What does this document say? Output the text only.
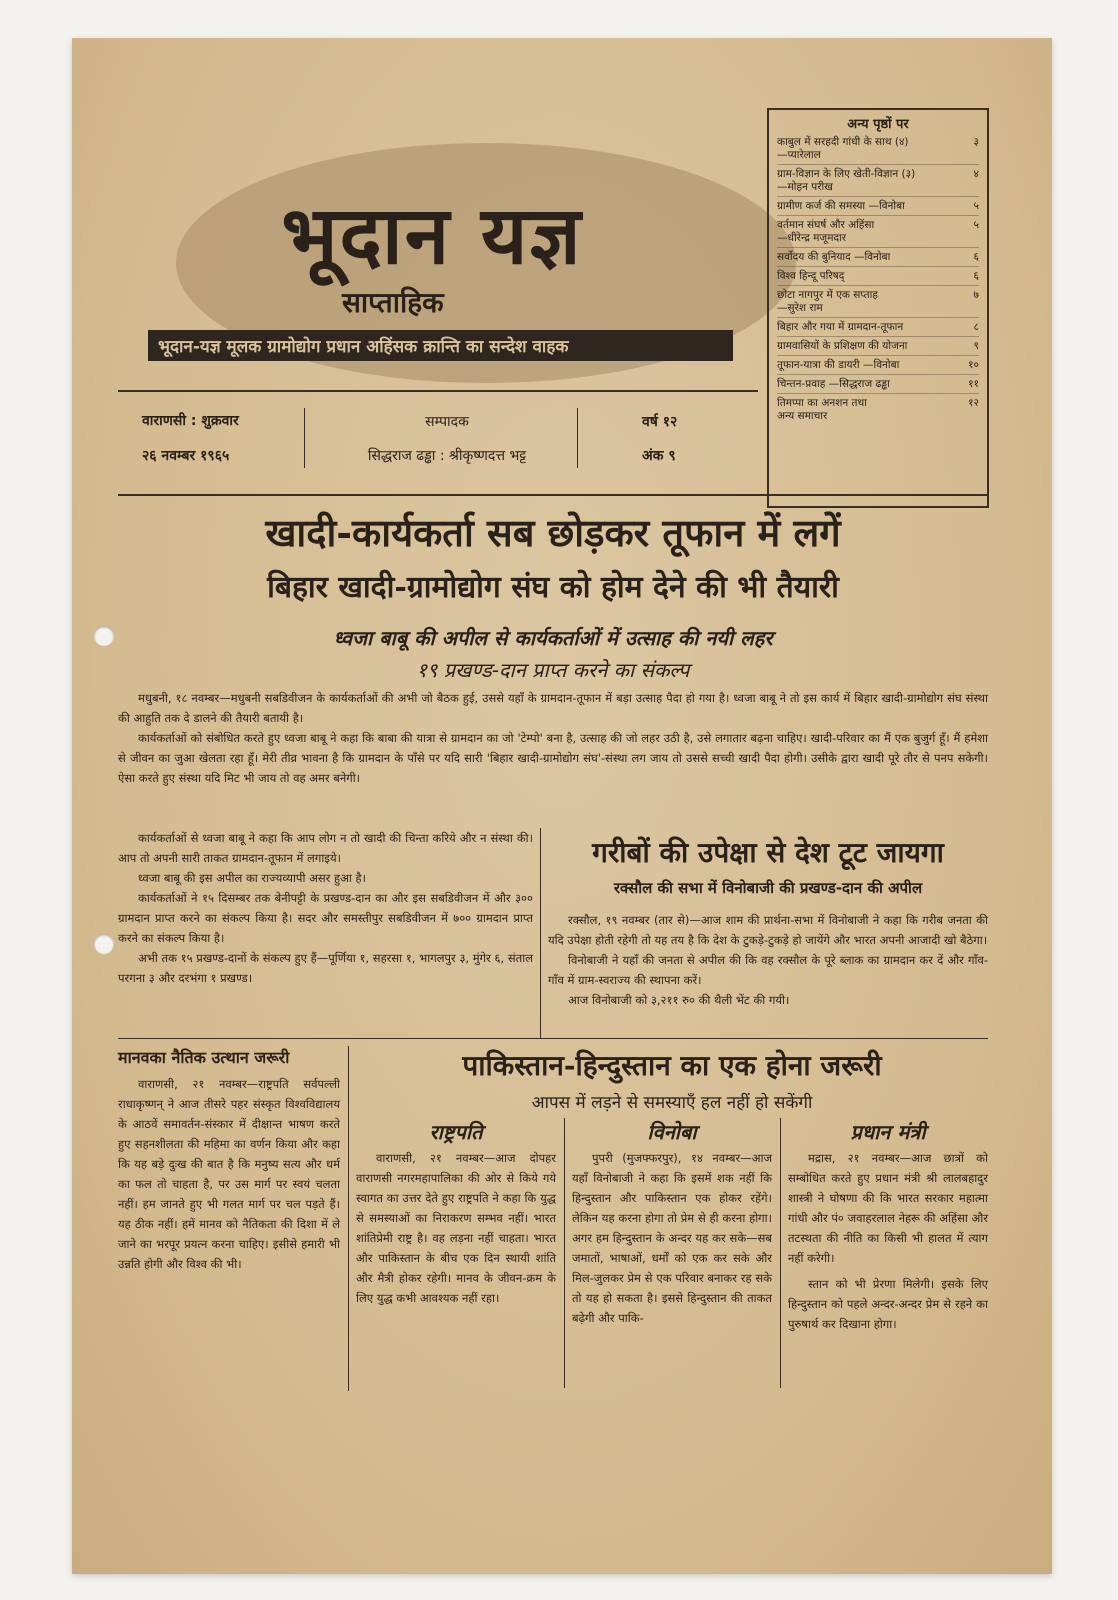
भूदान यज्ञ
साप्ताहिक
भूदान-यज्ञ मूलक ग्रामोद्योग प्रधान अहिंसक क्रान्ति का सन्देश वाहक
अन्य पृष्ठों पर
काबुल में सरहदी गांधी के साथ (४)
—प्यारेलाल
३
ग्राम-विज्ञान के लिए खेती-विज्ञान (३)
—मोहन परीख
४
ग्रामीण कर्ज की समस्या —विनोबा	५
वर्तमान संघर्ष और अहिंसा
—धीरेन्द्र मजूमदार
५
सर्वोदय की बुनियाद —विनोबा	६
विश्व हिन्दू परिषद्	६
छोटा नागपुर में एक सप्ताह
—सुरेश राम
७
बिहार और गया में ग्रामदान-तूफान	८
ग्रामवासियों के प्रशिक्षण की योजना	९
तूफान-यात्रा की डायरी —विनोबा	१०
चिन्तन-प्रवाह —सिद्धराज ढड्ढा	११
तिमप्पा का अनशन तथा
अन्य समाचार
१२
वाराणसी : शुक्रवार
२६ नवम्बर १९६५
सम्पादक
सिद्धराज ढड्ढा : श्रीकृष्णदत्त भट्ट
वर्ष १२
अंक ९
खादी-कार्यकर्ता सब छोड़कर तूफान में लगें
बिहार खादी-ग्रामोद्योग संघ को होम देने की भी तैयारी
ध्वजा बाबू की अपील से कार्यकर्ताओं में उत्साह की नयी लहर
१९ प्रखण्ड-दान प्राप्त करने का संकल्प

मधुबनी, १८ नवम्बर—मधुबनी सबडिवीजन के कार्यकर्ताओं की अभी जो बैठक हुई, उससे यहाँ के ग्रामदान-तूफान में बड़ा उत्साह पैदा हो गया है। ध्वजा बाबू ने तो इस कार्य में बिहार खादी-ग्रामोद्योग संघ संस्था की आहुति तक दे डालने की तैयारी बतायी है।

कार्यकर्ताओं को संबोधित करते हुए ध्वजा बाबू ने कहा कि बाबा की यात्रा से ग्रामदान का जो 'टेम्पो' बना है, उत्साह की जो लहर उठी है, उसे लगातार बढ़ना चाहिए। खादी-परिवार का मैं एक बुजुर्ग हूँ। मैं हमेशा से जीवन का जुआ खेलता रहा हूँ। मेरी तीव्र भावना है कि ग्रामदान के पाँसे पर यदि सारी 'बिहार खादी-ग्रामोद्योग संघ'-संस्था लग जाय तो उससे सच्ची खादी पैदा होगी। उसीके द्वारा खादी पूरे तौर से पनप सकेगी। ऐसा करते हुए संस्था यदि मिट भी जाय तो वह अमर बनेगी।

कार्यकर्ताओं से ध्वजा बाबू ने कहा कि आप लोग न तो खादी की चिन्ता करिये और न संस्था की। आप तो अपनी सारी ताकत ग्रामदान-तूफान में लगाइये।

ध्वजा बाबू की इस अपील का राज्यव्यापी असर हुआ है।

कार्यकर्ताओं ने १५ दिसम्बर तक बेनीपट्टी के प्रखण्ड-दान का और इस सबडिवीजन में और ३०० ग्रामदान प्राप्त करने का संकल्प किया है। सदर और समस्तीपुर सबडिवीजन में ७०० ग्रामदान प्राप्त करने का संकल्प किया है।

अभी तक १५ प्रखण्ड-दानों के संकल्प हुए हैं—पूर्णिया १, सहरसा १, भागलपुर ३, मुंगेर ६, संताल परगना ३ और दरभंगा १ प्रखण्ड।

गरीबों की उपेक्षा से देश टूट जायगा
रक्सौल की सभा में विनोबाजी की प्रखण्ड-दान की अपील

रक्सौल, १९ नवम्बर (तार से)—आज शाम की प्रार्थना-सभा में विनोबाजी ने कहा कि गरीब जनता की यदि उपेक्षा होती रहेगी तो यह तय है कि देश के टुकड़े-टुकड़े हो जायेंगे और भारत अपनी आजादी खो बैठेगा।

विनोबाजी ने यहाँ की जनता से अपील की कि वह रक्सौल के पूरे ब्लाक का ग्रामदान कर दें और गाँव-गाँव में ग्राम-स्वराज्य की स्थापना करें।

आज विनोबाजी को ३,२११ रु० की थैली भेंट की गयी।

मानवका नैतिक उत्थान जरूरी

वाराणसी, २१ नवम्बर—राष्ट्रपति सर्वपल्ली राधाकृष्णन् ने आज तीसरे पहर संस्कृत विश्वविद्यालय के आठवें समावर्तन-संस्कार में दीक्षान्त भाषण करते हुए सहनशीलता की महिमा का वर्णन किया और कहा कि यह बड़े दुःख की बात है कि मनुष्य सत्य और धर्म का फल तो चाहता है, पर उस मार्ग पर स्वयं चलता नहीं। हम जानते हुए भी गलत मार्ग पर चल पड़ते हैं। यह ठीक नहीं। हमें मानव को नैतिकता की दिशा में ले जाने का भरपूर प्रयत्न करना चाहिए। इसीसे हमारी भी उन्नति होगी और विश्व की भी।

पाकिस्तान-हिन्दुस्तान का एक होना जरूरी
आपस में लड़ने से समस्याएँ हल नहीं हो सकेंगी
राष्ट्रपति

वाराणसी, २१ नवम्बर—आज दोपहर वाराणसी नगरमहापालिका की ओर से किये गये स्वागत का उत्तर देते हुए राष्ट्रपति ने कहा कि युद्ध से समस्याओं का निराकरण सम्भव नहीं। भारत शांतिप्रेमी राष्ट्र है। वह लड़ना नहीं चाहता। भारत और पाकिस्तान के बीच एक दिन स्थायी शांति और मैत्री होकर रहेगी। मानव के जीवन-क्रम के लिए युद्ध कभी आवश्यक नहीं रहा।

विनोबा

पुपरी (मुजफ्फरपुर), १४ नवम्बर—आज यहाँ विनोबाजी ने कहा कि इसमें शक नहीं कि हिन्दुस्तान और पाकिस्तान एक होकर रहेंगे। लेकिन यह करना होगा तो प्रेम से ही करना होगा। अगर हम हिन्दुस्तान के अन्दर यह कर सके—सब जमातों, भाषाओं, धर्मों को एक कर सके और मिल-जुलकर प्रेम से एक परिवार बनाकर रह सके तो यह हो सकता है। इससे हिन्दुस्तान की ताकत बढ़ेगी और पाकि-

प्रधान मंत्री

मद्रास, २१ नवम्बर—आज छात्रों को सम्बोधित करते हुए प्रधान मंत्री श्री लालबहादुर शास्त्री ने घोषणा की कि भारत सरकार महात्मा गांधी और पं० जवाहरलाल नेहरू की अहिंसा और तटस्थता की नीति का किसी भी हालत में त्याग नहीं करेगी।

स्तान को भी प्रेरणा मिलेगी। इसके लिए हिन्दुस्तान को पहले अन्दर-अन्दर प्रेम से रहने का पुरुषार्थ कर दिखाना होगा।
